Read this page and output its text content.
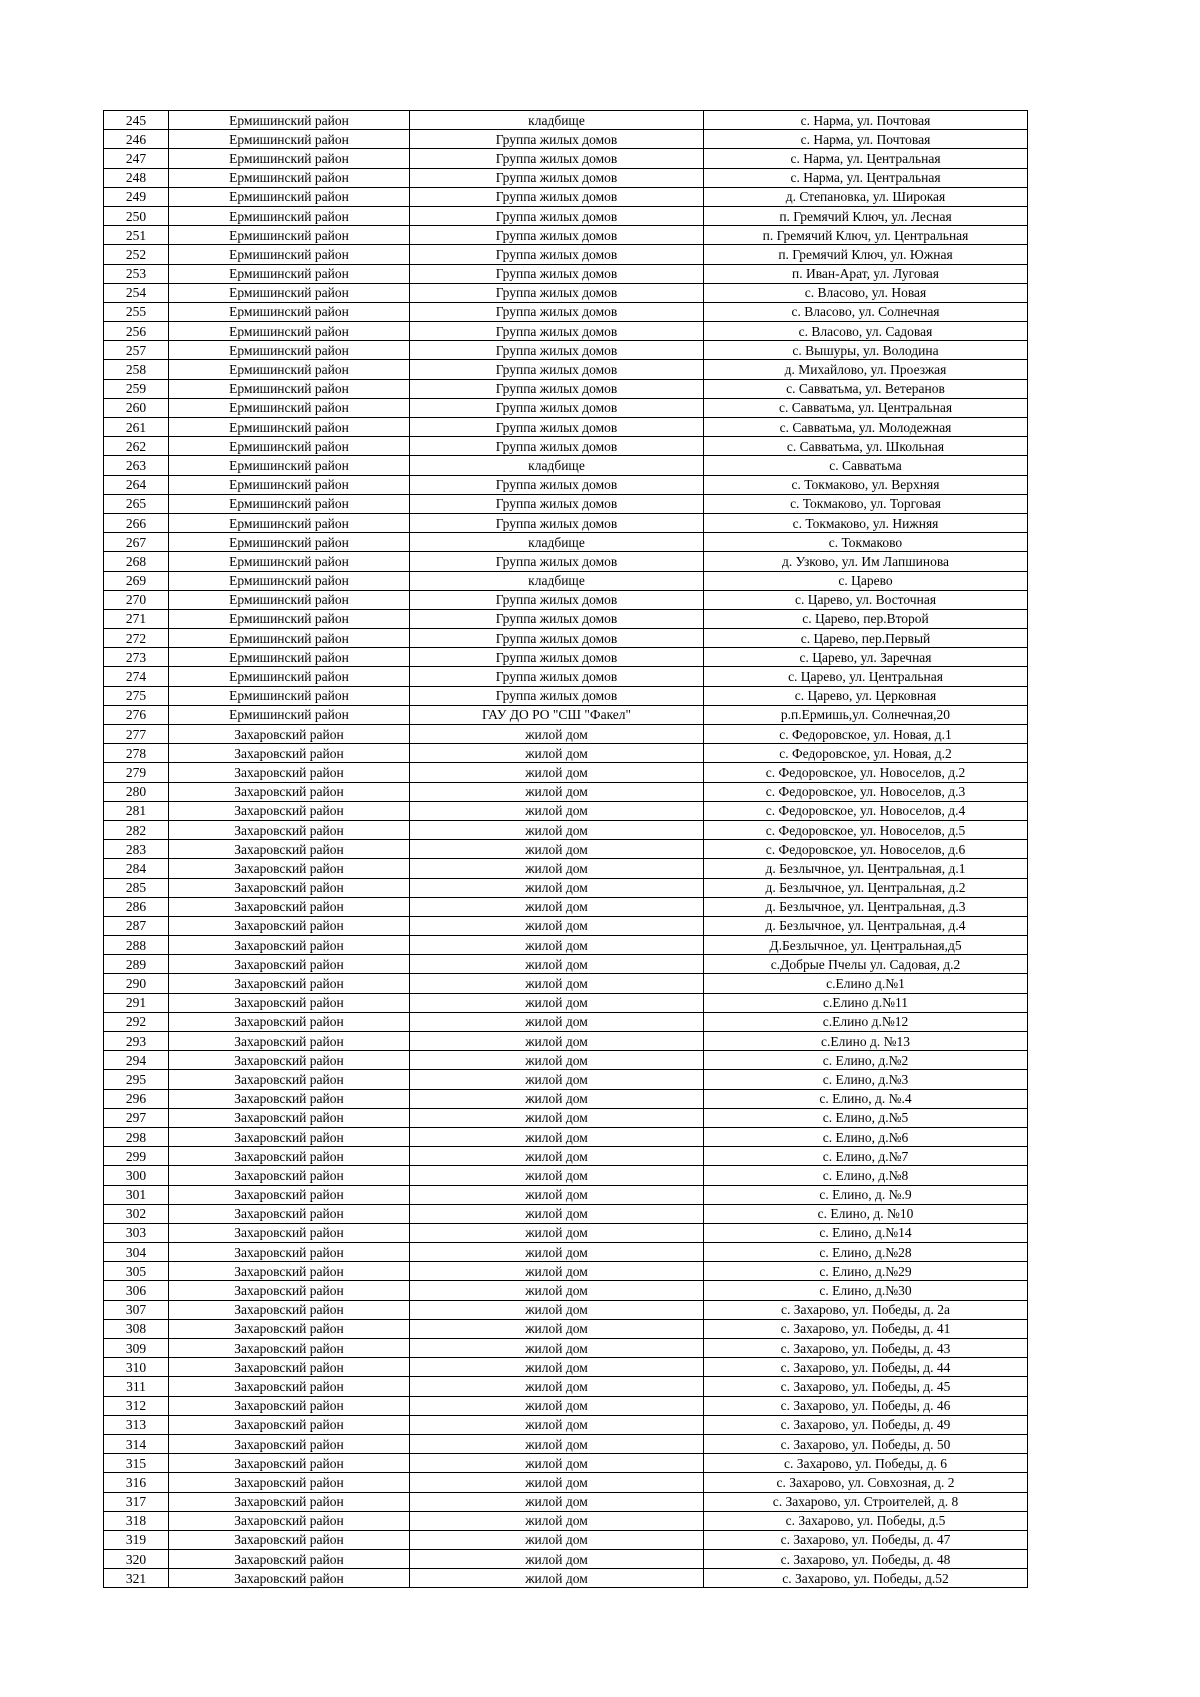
245	Ермишинский район	кладбище	с. Нарма, ул. Почтовая
246	Ермишинский район	Группа жилых домов	с. Нарма, ул. Почтовая
247	Ермишинский район	Группа жилых домов	с. Нарма, ул. Центральная
248	Ермишинский район	Группа жилых домов	с. Нарма, ул. Центральная
249	Ермишинский район	Группа жилых домов	д. Степановка, ул. Широкая
250	Ермишинский район	Группа жилых домов	п. Гремячий Ключ, ул. Лесная
251	Ермишинский район	Группа жилых домов	п. Гремячий Ключ, ул. Центральная
252	Ермишинский район	Группа жилых домов	п. Гремячий Ключ, ул. Южная
253	Ермишинский район	Группа жилых домов	п. Иван-Арат, ул. Луговая
254	Ермишинский район	Группа жилых домов	с. Власово, ул. Новая
255	Ермишинский район	Группа жилых домов	с. Власово, ул. Солнечная
256	Ермишинский район	Группа жилых домов	с. Власово, ул. Садовая
257	Ермишинский район	Группа жилых домов	с. Вышуры, ул. Володина
258	Ермишинский район	Группа жилых домов	д. Михайлово, ул. Проезжая
259	Ермишинский район	Группа жилых домов	с. Савватьма, ул. Ветеранов
260	Ермишинский район	Группа жилых домов	с. Савватьма, ул. Центральная
261	Ермишинский район	Группа жилых домов	с. Савватьма, ул. Молодежная
262	Ермишинский район	Группа жилых домов	с. Савватьма, ул. Школьная
263	Ермишинский район	кладбище	с. Савватьма
264	Ермишинский район	Группа жилых домов	с. Токмаково, ул. Верхняя
265	Ермишинский район	Группа жилых домов	с. Токмаково, ул. Торговая
266	Ермишинский район	Группа жилых домов	с. Токмаково, ул. Нижняя
267	Ермишинский район	кладбище	с. Токмаково
268	Ермишинский район	Группа жилых домов	д. Узково, ул. Им Лапшинова
269	Ермишинский район	кладбище	с. Царево
270	Ермишинский район	Группа жилых домов	с. Царево, ул. Восточная
271	Ермишинский район	Группа жилых домов	с. Царево, пер.Второй
272	Ермишинский район	Группа жилых домов	с. Царево, пер.Первый
273	Ермишинский район	Группа жилых домов	с. Царево, ул. Заречная
274	Ермишинский район	Группа жилых домов	с. Царево, ул. Центральная
275	Ермишинский район	Группа жилых домов	с. Царево, ул. Церковная
276	Ермишинский район	ГАУ ДО РО "СШ "Факел"	р.п.Ермишь,ул. Солнечная,20
277	Захаровский район	жилой дом	с. Федоровское, ул. Новая, д.1
278	Захаровский район	жилой дом	с. Федоровское, ул. Новая, д.2
279	Захаровский район	жилой дом	с. Федоровское, ул. Новоселов, д.2
280	Захаровский район	жилой дом	с. Федоровское, ул. Новоселов, д.3
281	Захаровский район	жилой дом	с. Федоровское, ул. Новоселов, д.4
282	Захаровский район	жилой дом	с. Федоровское, ул. Новоселов, д.5
283	Захаровский район	жилой дом	с. Федоровское, ул. Новоселов, д.6
284	Захаровский район	жилой дом	д. Безлычное, ул. Центральная, д.1
285	Захаровский район	жилой дом	д. Безлычное, ул. Центральная, д.2
286	Захаровский район	жилой дом	д. Безлычное, ул. Центральная, д.3
287	Захаровский район	жилой дом	д. Безлычное, ул. Центральная, д.4
288	Захаровский район	жилой дом	Д.Безлычное, ул. Центральная,д5
289	Захаровский район	жилой дом	с.Добрые Пчелы ул. Садовая, д.2
290	Захаровский район	жилой дом	с.Елино д.№1
291	Захаровский район	жилой дом	с.Елино д.№11
292	Захаровский район	жилой дом	с.Елино д.№12
293	Захаровский район	жилой дом	с.Елино д. №13
294	Захаровский район	жилой дом	с. Елино, д.№2
295	Захаровский район	жилой дом	с. Елино, д.№3
296	Захаровский район	жилой дом	с. Елино, д. №.4
297	Захаровский район	жилой дом	с. Елино, д.№5
298	Захаровский район	жилой дом	с. Елино, д.№6
299	Захаровский район	жилой дом	с. Елино, д.№7
300	Захаровский район	жилой дом	с. Елино, д.№8
301	Захаровский район	жилой дом	с. Елино, д. №.9
302	Захаровский район	жилой дом	с. Елино, д. №10
303	Захаровский район	жилой дом	с. Елино, д.№14
304	Захаровский район	жилой дом	с. Елино, д.№28
305	Захаровский район	жилой дом	с. Елино, д.№29
306	Захаровский район	жилой дом	с. Елино, д.№30
307	Захаровский район	жилой дом	с. Захарово, ул. Победы, д. 2а
308	Захаровский район	жилой дом	с. Захарово, ул. Победы, д. 41
309	Захаровский район	жилой дом	с. Захарово, ул. Победы, д. 43
310	Захаровский район	жилой дом	с. Захарово, ул. Победы, д. 44
311	Захаровский район	жилой дом	с. Захарово, ул. Победы, д. 45
312	Захаровский район	жилой дом	с. Захарово, ул. Победы, д. 46
313	Захаровский район	жилой дом	с. Захарово, ул. Победы, д. 49
314	Захаровский район	жилой дом	с. Захарово, ул. Победы, д. 50
315	Захаровский район	жилой дом	с. Захарово, ул. Победы, д. 6
316	Захаровский район	жилой дом	с. Захарово, ул. Совхозная, д. 2
317	Захаровский район	жилой дом	с. Захарово, ул. Строителей, д. 8
318	Захаровский район	жилой дом	с. Захарово, ул. Победы, д.5
319	Захаровский район	жилой дом	с. Захарово, ул. Победы, д. 47
320	Захаровский район	жилой дом	с. Захарово, ул. Победы, д. 48
321	Захаровский район	жилой дом	с. Захарово, ул. Победы, д.52
